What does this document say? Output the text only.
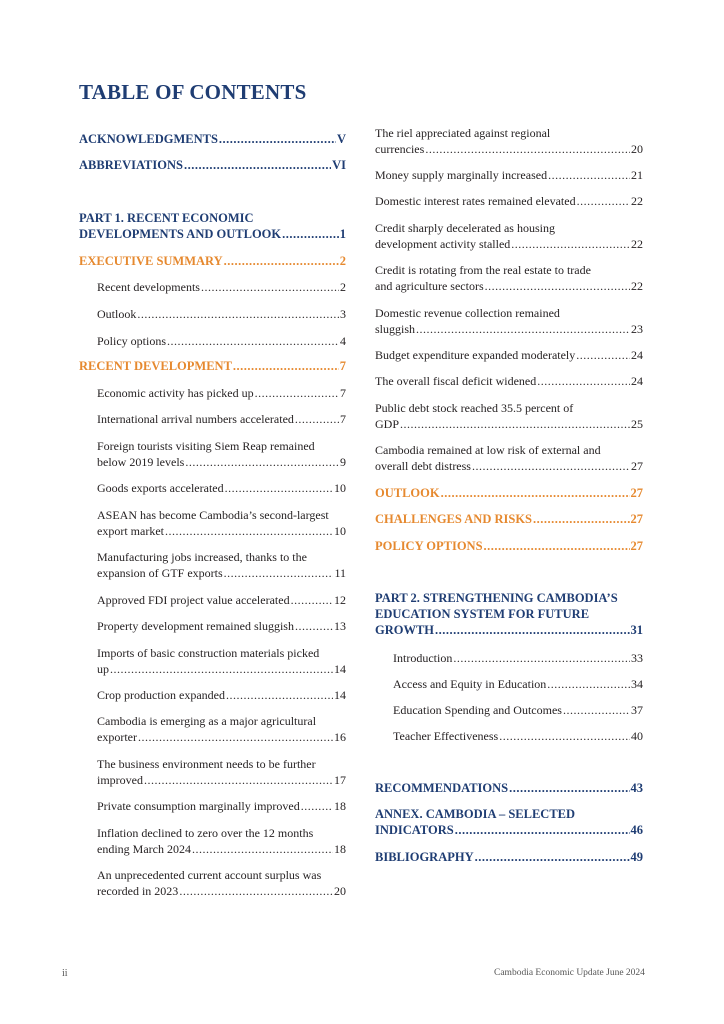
TABLE OF CONTENTS
ACKNOWLEDGMENTS .....	V
ABBREVIATIONS .....	VI
PART 1. RECENT ECONOMIC
DEVELOPMENTS AND OUTLOOK .....	1
EXECUTIVE SUMMARY .....	2
Recent developments .....	2
Outlook .....	3
Policy options .....	4
RECENT DEVELOPMENT .....	7
Economic activity has picked up .....	7
International arrival numbers accelerated .....	7
Foreign tourists visiting Siem Reap remained
below 2019 levels .....	9
Goods exports accelerated .....	10
ASEAN has become Cambodia’s second-largest
export market .....	10
Manufacturing jobs increased, thanks to the
expansion of GTF exports .....	11
Approved FDI project value accelerated .....	12
Property development remained sluggish .....	13
Imports of basic construction materials picked
up .....	14
Crop production expanded .....	14
Cambodia is emerging as a major agricultural
exporter .....	16
The business environment needs to be further
improved .....	17
Private consumption marginally improved .....	18
Inflation declined to zero over the 12 months
ending March 2024 .....	18
An unprecedented current account surplus was
recorded in 2023 .....	20
The riel appreciated against regional
currencies .....	20
Money supply marginally increased .....	21
Domestic interest rates remained elevated .....	22
Credit sharply decelerated as housing
development activity stalled .....	22
Credit is rotating from the real estate to trade
and agriculture sectors .....	22
Domestic revenue collection remained
sluggish .....	23
Budget expenditure expanded moderately .....	24
The overall fiscal deficit widened .....	24
Public debt stock reached 35.5 percent of
GDP .....	25
Cambodia remained at low risk of external and
overall debt distress .....	27
OUTLOOK .....	27
CHALLENGES AND RISKS .....	27
POLICY OPTIONS .....	27
PART 2. STRENGTHENING CAMBODIA’S
EDUCATION SYSTEM FOR FUTURE
GROWTH .....	31
Introduction .....	33
Access and Equity in Education .....	34
Education Spending and Outcomes .....	37
Teacher Effectiveness .....	40
RECOMMENDATIONS .....	43
ANNEX. CAMBODIA – SELECTED
INDICATORS .....	46
BIBLIOGRAPHY .....	49
ii	Cambodia Economic Update June 2024
